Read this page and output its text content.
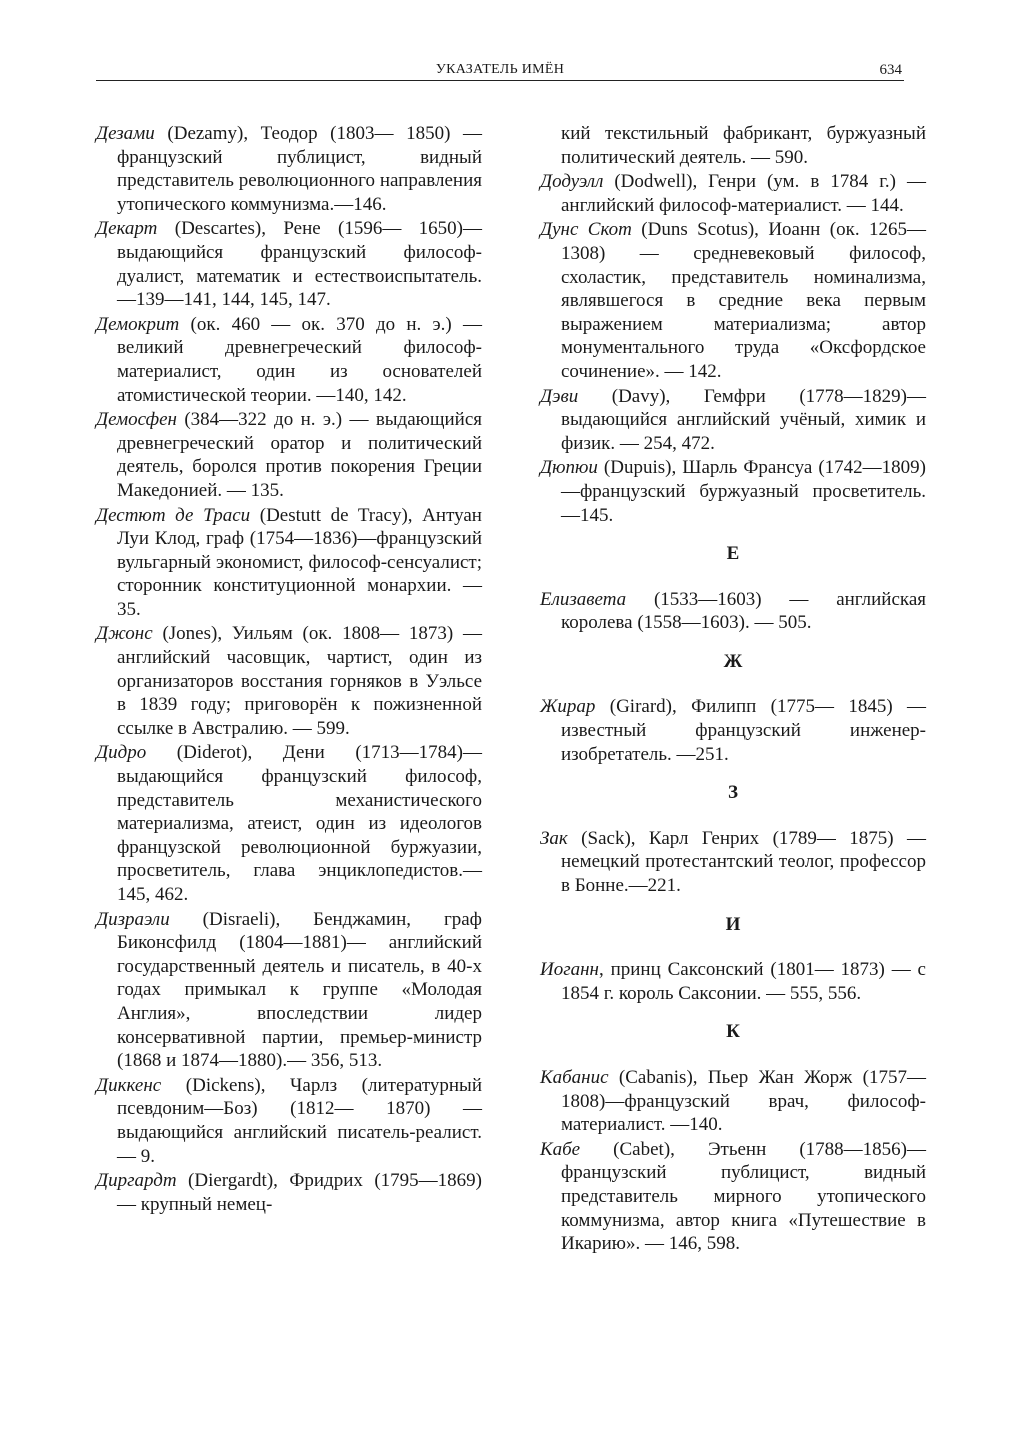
УКАЗАТЕЛЬ ИМЁН	634

Дезами (Dezamy), Теодор (1803— 1850) — французский публицист, видный представитель революционного направления утопического коммунизма.—146.

Декарт (Descartes), Рене (1596— 1650)— выдающийся французский философ-дуалист, математик и естествоиспытатель. —139—141, 144, 145, 147.

Демокрит (ок. 460 — ок. 370 до н. э.) — великий древнегреческий философ-материалист, один из основателей атомистической теории. —140, 142.

Демосфен (384—322 до н. э.) — выдающийся древнегреческий оратор и политический деятель, боролся против покорения Греции Македонией. — 135.

Дестют де Траси (Destutt de Tracy), Антуан Луи Клод, граф (1754—1836)—французский вульгарный экономист, философ-сенсуалист; сторонник конституционной монархии. — 35.

Джонс (Jones), Уильям (ок. 1808— 1873) — английский часовщик, чартист, один из организаторов восстания горняков в Уэльсе в 1839 году; приговорён к пожизненной ссылке в Австралию. — 599.

Дидро (Diderot), Дени (1713—1784)— выдающийся французский философ, представитель механистического материализма, атеист, один из идеологов французской революционной буржуазии, просветитель, глава энциклопедистов.— 145, 462.

Дизраэли (Disraeli), Бенджамин, граф Биконсфилд (1804—1881)— английский государственный деятель и писатель, в 40-х годах примыкал к группе «Молодая Англия», впоследствии лидер консервативной партии, премьер-министр (1868 и 1874—1880).— 356, 513.

Диккенс (Dickens), Чарлз (литературный псевдоним—Боз) (1812— 1870) — выдающийся английский писатель-реалист. — 9.

Диргардт (Diergardt), Фридрих (1795—1869) — крупный немец-

кий текстильный фабрикант, буржуазный политический деятель. — 590.

Додуэлл (Dodwell), Генри (ум. в 1784 г.) — английский философ-материалист. — 144.

Дунс Скот (Duns Scotus), Иоанн (ок. 1265—1308) — средневековый философ, схоластик, представитель номинализма, являвшегося в средние века первым выражением материализма; автор монументального труда «Оксфордское сочинение». — 142.

Дэви (Davy), Гемфри (1778—1829)— выдающийся английский учёный, химик и физик. — 254, 472.

Дюпюи (Dupuis), Шарль Франсуа (1742—1809)—французский буржуазный просветитель. —145.

Е

Елизавета (1533—1603) — английская королева (1558—1603). — 505.

Ж

Жирар (Girard), Филипп (1775— 1845) — известный французский инженер-изобретатель. —251.

З

Зак (Sack), Карл Генрих (1789— 1875) — немецкий протестантский теолог, профессор в Бонне.—221.

И

Иоганн, принц Саксонский (1801— 1873) — с 1854 г. король Саксонии. — 555, 556.

К

Кабанис (Cabanis), Пьер Жан Жорж (1757—1808)—французский врач, философ-материалист. —140.

Кабе (Cabet), Этьенн (1788—1856)— французский публицист, видный представитель мирного утопического коммунизма, автор книга «Путешествие в Икарию». — 146, 598.
